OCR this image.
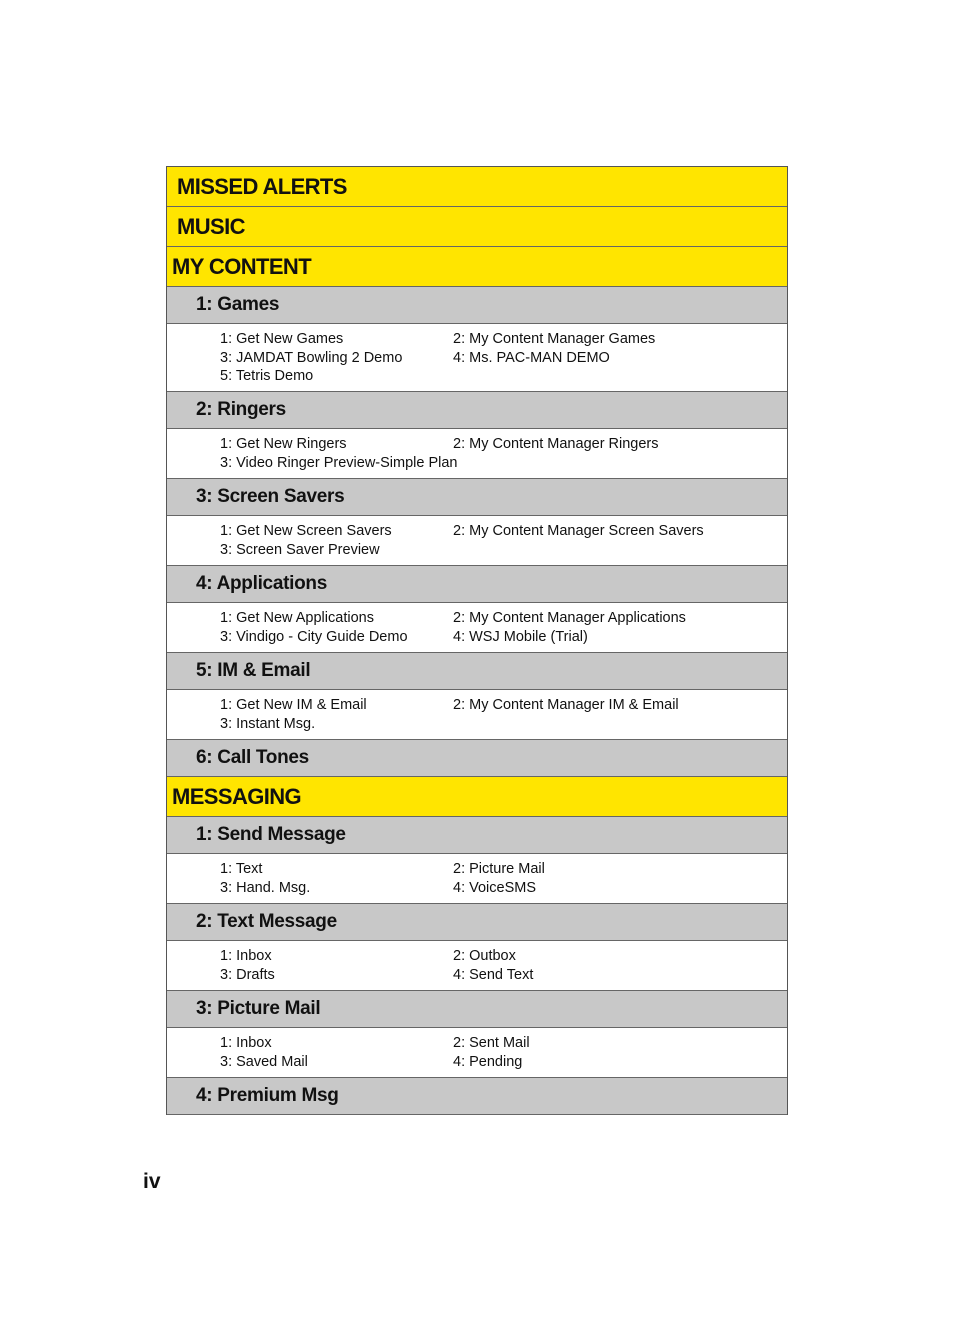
MISSED ALERTS
MUSIC
MY CONTENT
1: Games
1: Get New Games	2: My Content Manager Games
3: JAMDAT Bowling 2 Demo	4: Ms. PAC-MAN DEMO
5: Tetris Demo
2: Ringers
1: Get New Ringers	2: My Content Manager Ringers
3: Video Ringer Preview-Simple Plan
3: Screen Savers
1: Get New Screen Savers	2: My Content Manager Screen Savers
3: Screen Saver Preview
4: Applications
1: Get New Applications	2: My Content Manager Applications
3: Vindigo - City Guide Demo	4: WSJ Mobile (Trial)
5: IM & Email
1: Get New IM & Email	2: My Content Manager IM & Email
3: Instant Msg.
6: Call Tones
MESSAGING
1: Send Message
1: Text	2: Picture Mail
3: Hand. Msg.	4: VoiceSMS
2: Text Message
1: Inbox	2: Outbox
3: Drafts	4: Send Text
3: Picture Mail
1: Inbox	2: Sent Mail
3: Saved Mail	4: Pending
4: Premium Msg
iv
